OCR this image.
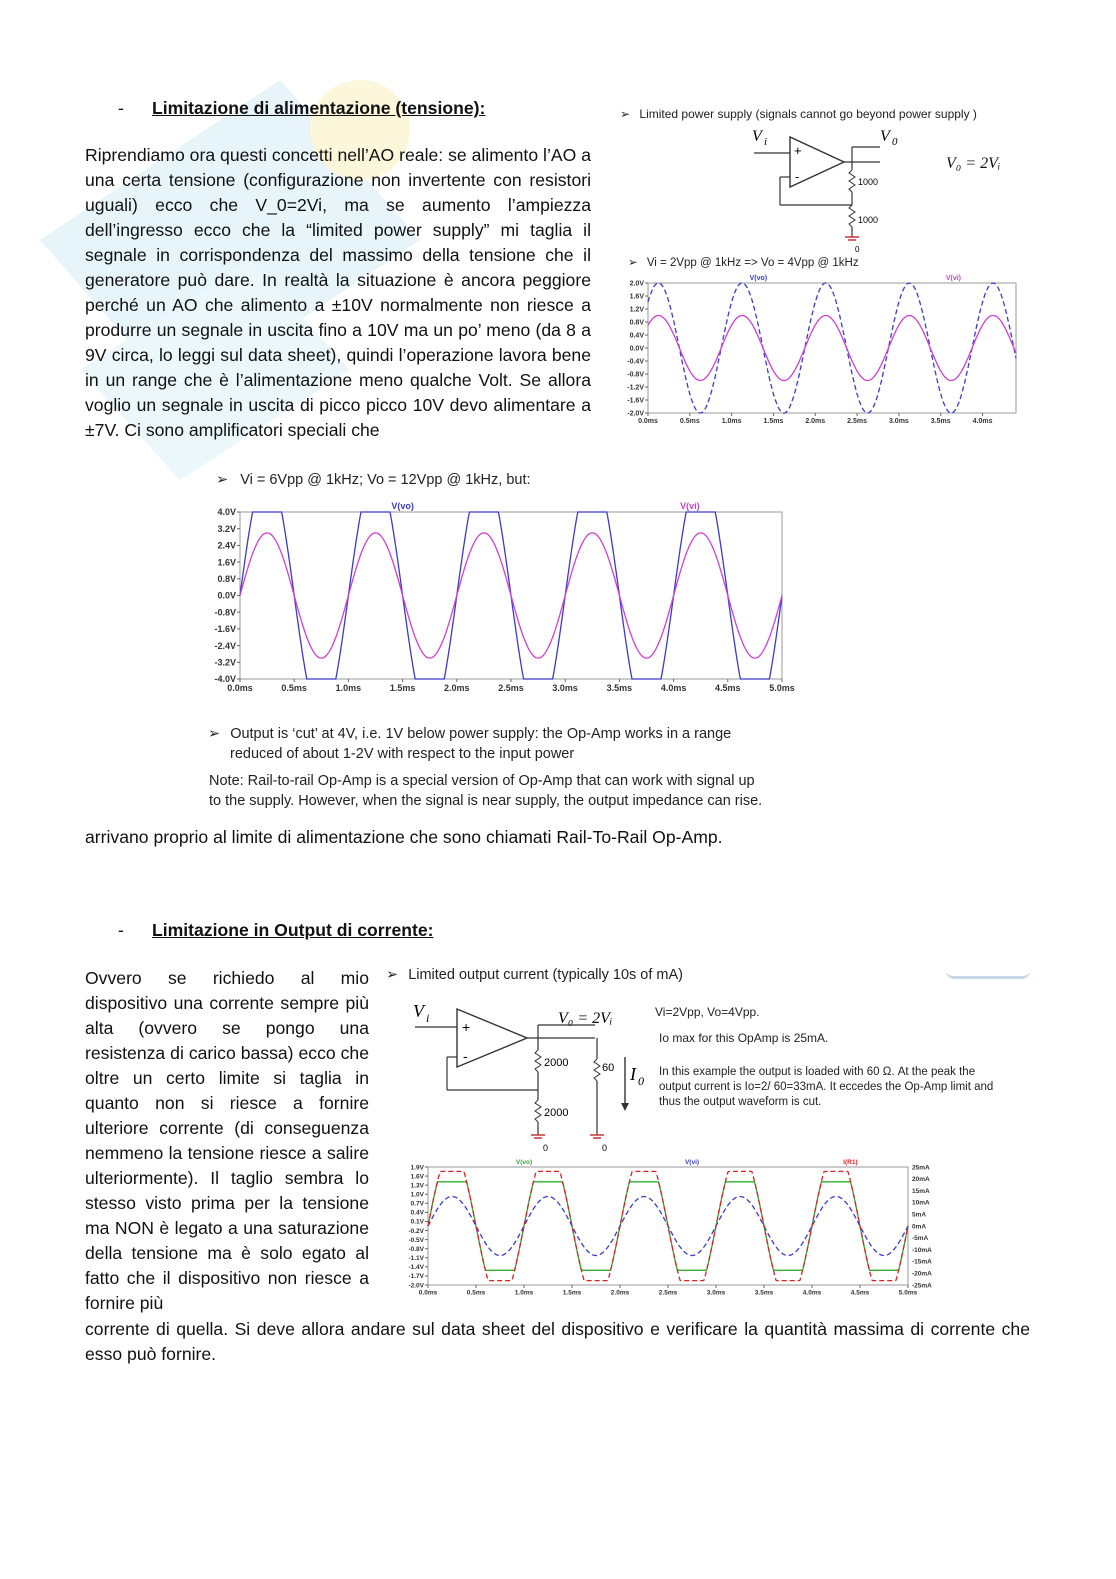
- Limitazione di alimentazione (tensione):
Riprendiamo ora questi concetti nell’AO reale: se alimento l’AO a una certa tensione (configurazione non invertente con resistori uguali) ecco che V_0=2Vi, ma se aumento l’ampiezza dell’ingresso ecco che la “limited power supply” mi taglia il segnale in corrispondenza del massimo della tensione che il generatore può dare. In realtà la situazione è ancora peggiore perché un AO che alimento a ±10V normalmente non riesce a produrre un segnale in uscita fino a 10V ma un po’ meno (da 8 a 9V circa, lo leggi sul data sheet), quindi l’operazione lavora bene in un range che è l’alimentazione meno qualche Volt. Se allora voglio un segnale in uscita di picco picco 10V devo alimentare a ±7V. Ci sono amplificatori speciali che
➢ Limited power supply (signals cannot go beyond power supply )
V i	V 0
+
-	1000
1000
0
V₀ = 2Vᵢ
➢ Vi = 2Vpp @ 1kHz => Vo = 4Vpp @ 1kHz
2.0V
1.6V
1.2V
0.8V
0.4V
0.0V
-0.4V
-0.8V
-1.2V
-1.6V
-2.0V
0.0ms	0.5ms	1.0ms	1.5ms	2.0ms	2.5ms	3.0ms	3.5ms	4.0ms
V(vo)	V(vi)
➢ Vi = 6Vpp @ 1kHz; Vo = 12Vpp @ 1kHz, but:
4.0V
3.2V
2.4V
1.6V
0.8V
0.0V
-0.8V
-1.6V
-2.4V
-3.2V
-4.0V
0.0ms	0.5ms	1.0ms	1.5ms	2.0ms	2.5ms	3.0ms	3.5ms	4.0ms	4.5ms	5.0ms
V(vo)	V(vi)
➢ Output is ‘cut’ at 4V, i.e. 1V below power supply: the Op-Amp works in a range
reduced of about 1-2V with respect to the input power
Note: Rail-to-rail Op-Amp is a special version of Op-Amp that can work with signal up
to the supply. However, when the signal is near supply, the output impedance can rise.
arrivano proprio al limite di alimentazione che sono chiamati Rail-To-Rail Op-Amp.
- Limitazione in Output di corrente:
Ovvero se richiedo al mio dispositivo una corrente sempre più alta (ovvero se pongo una resistenza di carico bassa) ecco che oltre un certo limite si taglia in quanto non si riesce a fornire ulteriore corrente (di conseguenza nemmeno la tensione riesce a salire ulteriormente). Il taglio sembra lo stesso visto prima per la tensione ma NON è legato a una saturazione della tensione ma è solo egato al fatto che il dispositivo non riesce a fornire più
➢ Limited output current (typically 10s of mA)
V i	V₀ = 2Vᵢ
+
-	2000
2000
0
60
0
I 0
Vi=2Vpp, Vo=4Vpp.
Io max for this OpAmp is 25mA.
In this example the output is loaded with 60 Ω. At the peak the
output current is Io=2/ 60=33mA. It eccedes the Op-Amp limit and
thus the output waveform is cut.
1.9V
1.6V
1.3V
1.0V
0.7V
0.4V
0.1V
-0.2V
-0.5V
-0.8V
-1.1V
-1.4V
-1.7V
-2.0V
25mA
20mA
15mA
10mA
5mA
0mA
-5mA
-10mA
-15mA
-20mA
-25mA
0.0ms	0.5ms	1.0ms	1.5ms	2.0ms	2.5ms	3.0ms	3.5ms	4.0ms	4.5ms	5.0ms
V(vo)	V(vi)	I(R1)
corrente di quella. Si deve allora andare sul data sheet del dispositivo e verificare la quantità massima di corrente che esso può fornire.
